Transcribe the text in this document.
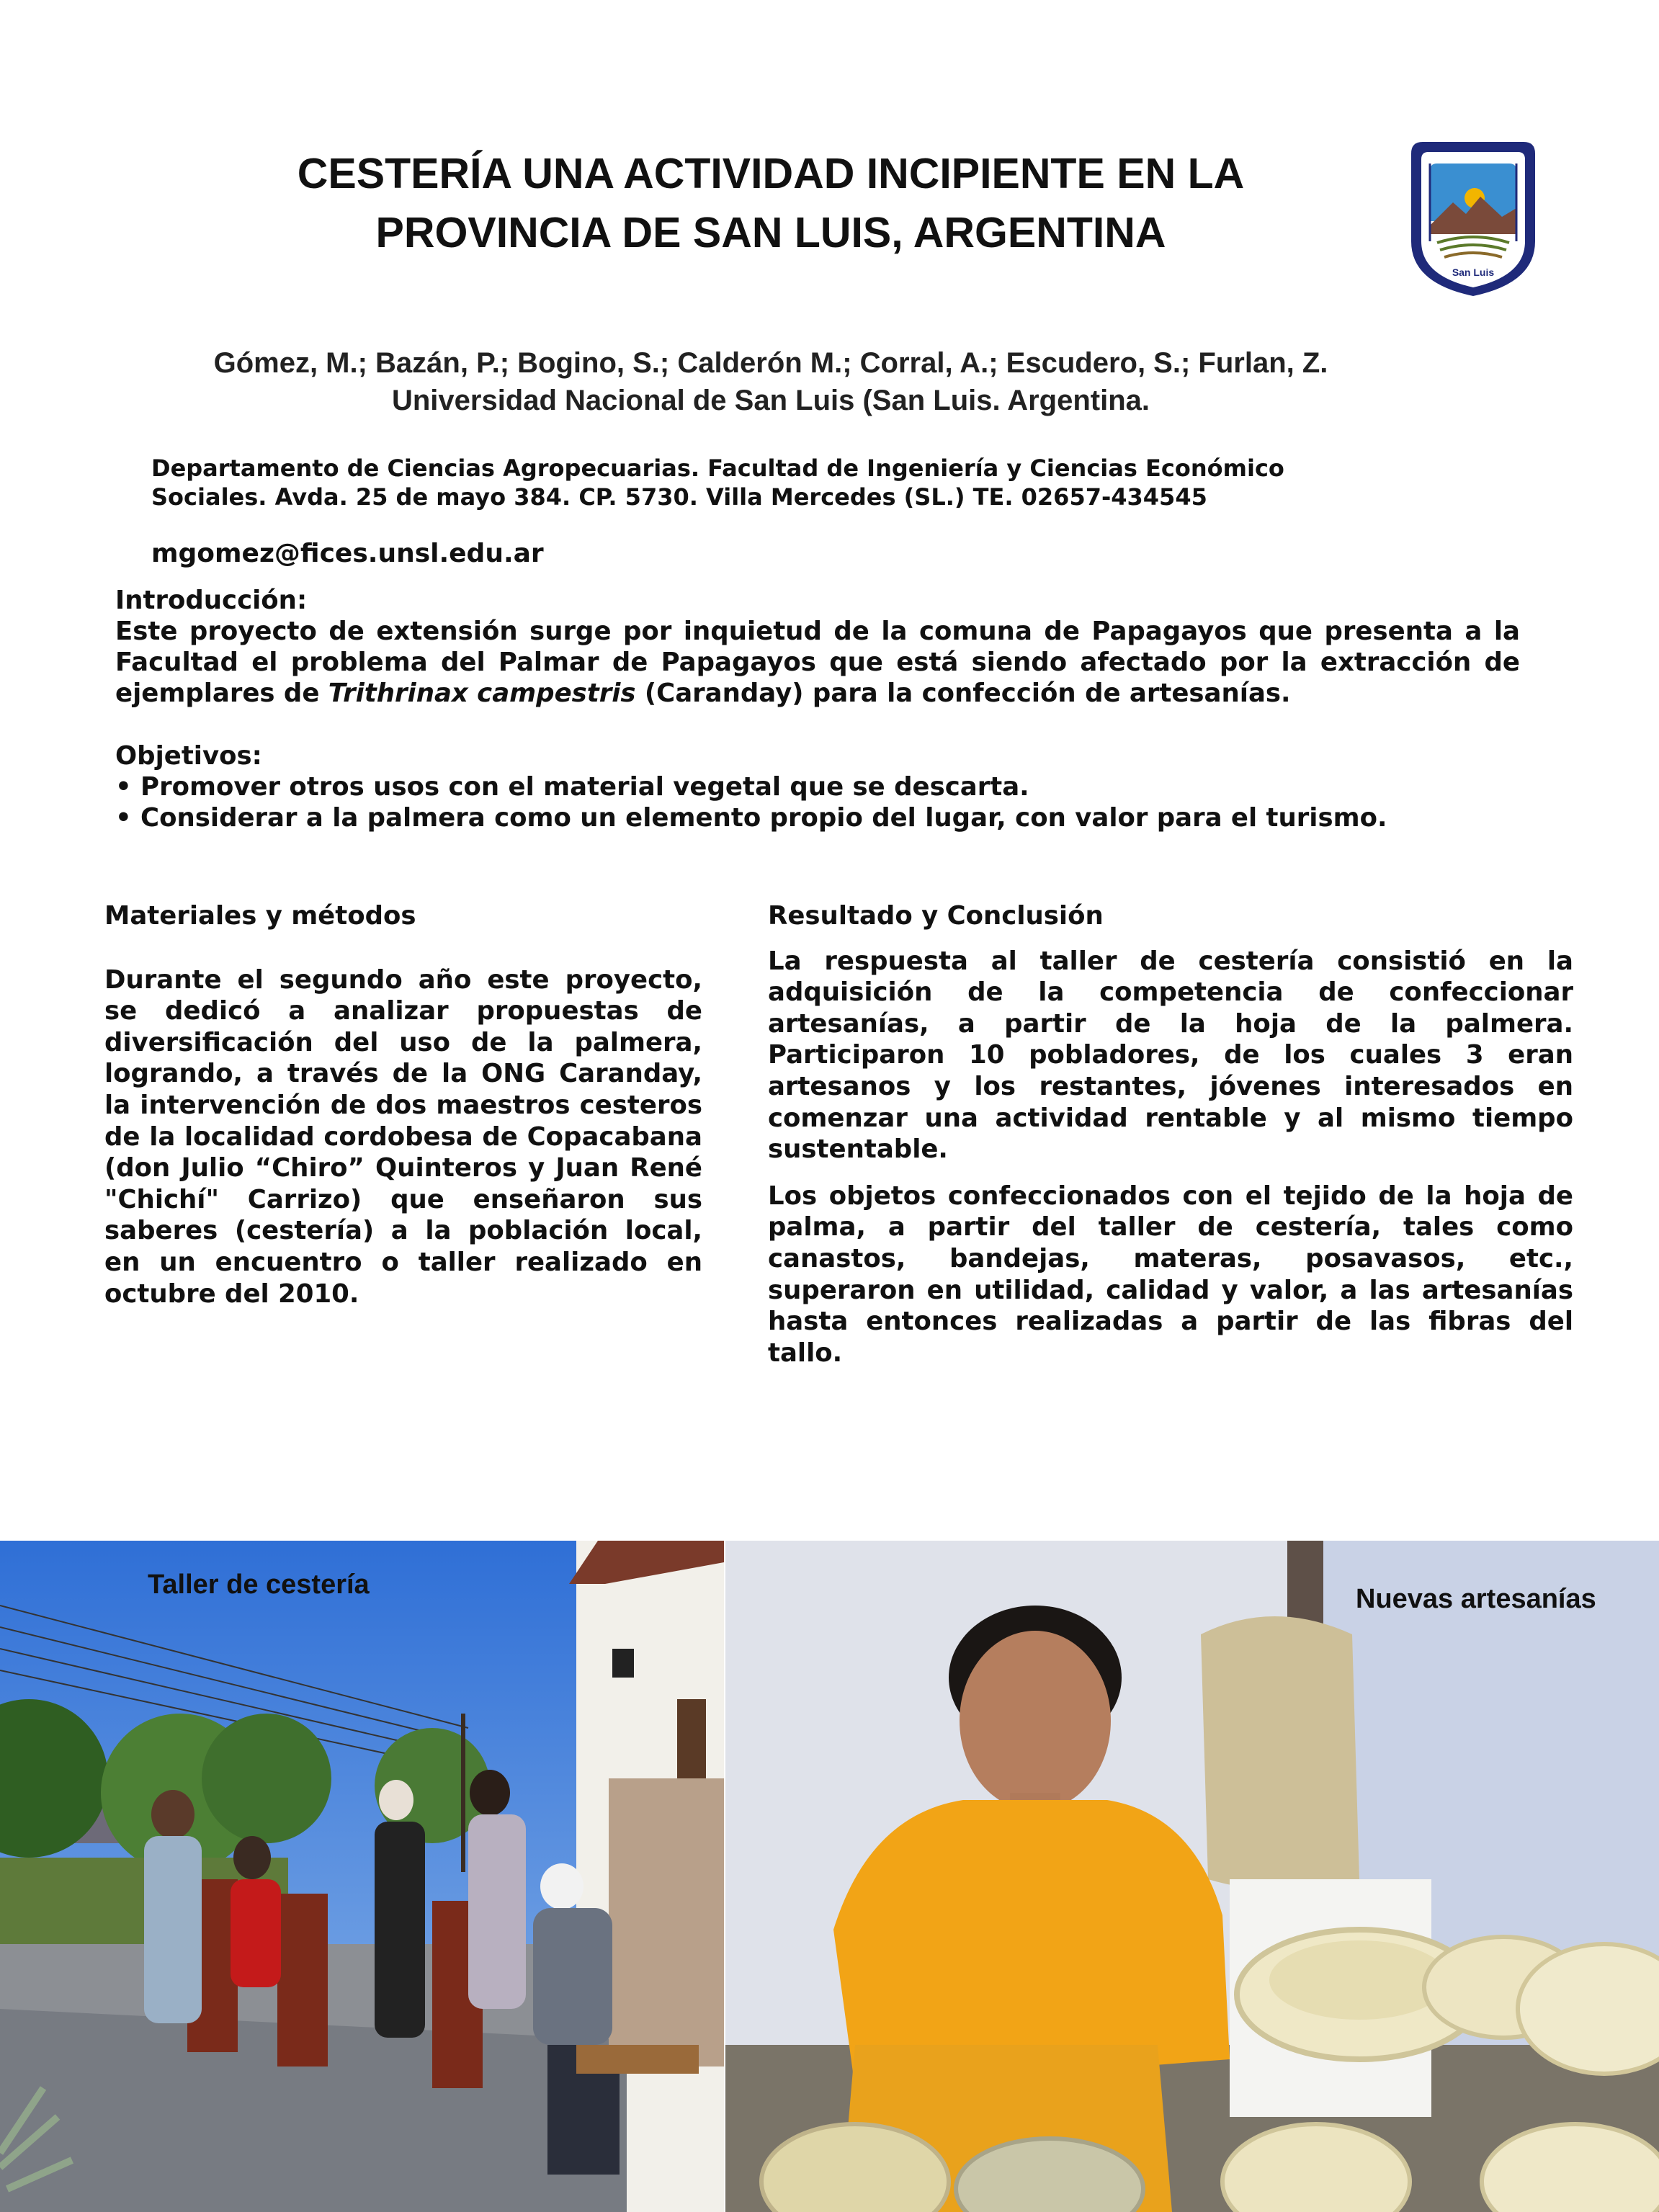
CESTERÍA UNA ACTIVIDAD INCIPIENTE EN LA
PROVINCIA DE SAN LUIS, ARGENTINA
UNIVERSIDAD NACIONAL DE
San Luis
Gómez, M.; Bazán, P.; Bogino, S.; Calderón M.; Corral, A.; Escudero, S.; Furlan, Z.
Universidad Nacional de San Luis (San Luis. Argentina.
Departamento de Ciencias Agropecuarias. Facultad de Ingeniería y Ciencias Económico
Sociales. Avda. 25 de mayo 384. CP. 5730. Villa Mercedes (SL.) TE. 02657-434545
mgomez@fices.unsl.edu.ar
Introducción:
Este proyecto de extensión surge por inquietud de la comuna de Papagayos que presenta a la Facultad el problema del Palmar de Papagayos que está siendo afectado por la extracción de ejemplares de Trithrinax campestris (Caranday) para la confección de artesanías.
Objetivos:
• Promover otros usos con el material vegetal que se descarta.
• Considerar a la palmera como un elemento propio del lugar, con valor para el turismo.
Materiales y métodos
Durante el segundo año este proyecto, se dedicó a analizar propuestas de diversificación del uso de la palmera, logrando, a través de la ONG Caranday, la intervención de dos maestros cesteros de la localidad cordobesa de Copacabana (don Julio “Chiro” Quinteros y Juan René "Chichí" Carrizo) que enseñaron sus saberes (cestería) a la población local, en un encuentro o taller realizado en octubre del 2010.
Resultado y Conclusión
La respuesta al taller de cestería consistió en la adquisición de la competencia de confeccionar artesanías, a partir de la hoja de la palmera. Participaron 10 pobladores, de los cuales 3 eran artesanos y los restantes, jóvenes interesados en comenzar una actividad rentable y al mismo tiempo sustentable.
Los objetos confeccionados con el tejido de la hoja de palma, a partir del taller de cestería, tales como canastos, bandejas, materas, posavasos, etc., superaron en utilidad, calidad y valor, a las artesanías hasta entonces realizadas a partir de las fibras del tallo.
Taller de cestería	Nuevas artesanías
